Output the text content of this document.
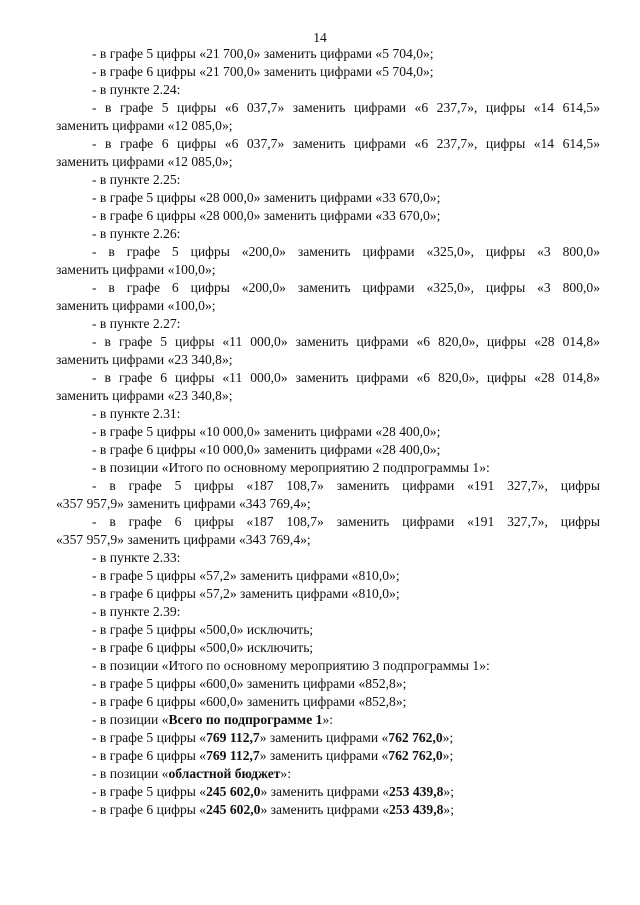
14
- в графе 5 цифры «21 700,0» заменить цифрами «5 704,0»;
- в графе 6 цифры «21 700,0» заменить цифрами «5 704,0»;
- в пункте 2.24:
- в графе 5 цифры «6 037,7» заменить цифрами «6 237,7», цифры «14 614,5»
заменить цифрами «12 085,0»;
- в графе 6 цифры «6 037,7» заменить цифрами «6 237,7», цифры «14 614,5»
заменить цифрами «12 085,0»;
- в пункте 2.25:
- в графе 5 цифры «28 000,0» заменить цифрами «33 670,0»;
- в графе 6 цифры «28 000,0» заменить цифрами «33 670,0»;
- в пункте 2.26:
- в графе 5 цифры «200,0» заменить цифрами «325,0», цифры «3 800,0»
заменить цифрами «100,0»;
- в графе 6 цифры «200,0» заменить цифрами «325,0», цифры «3 800,0»
заменить цифрами «100,0»;
- в пункте 2.27:
- в графе 5 цифры «11 000,0» заменить цифрами «6 820,0», цифры «28 014,8»
заменить цифрами «23 340,8»;
- в графе 6 цифры «11 000,0» заменить цифрами «6 820,0», цифры «28 014,8»
заменить цифрами «23 340,8»;
- в пункте 2.31:
- в графе 5 цифры «10 000,0» заменить цифрами «28 400,0»;
- в графе 6 цифры «10 000,0» заменить цифрами «28 400,0»;
- в позиции «Итого по основному мероприятию 2 подпрограммы 1»:
- в графе 5 цифры «187 108,7» заменить цифрами «191 327,7», цифры
«357 957,9» заменить цифрами «343 769,4»;
- в графе 6 цифры «187 108,7» заменить цифрами «191 327,7», цифры
«357 957,9» заменить цифрами «343 769,4»;
- в пункте 2.33:
- в графе 5 цифры «57,2» заменить цифрами «810,0»;
- в графе 6 цифры «57,2» заменить цифрами «810,0»;
- в пункте 2.39:
- в графе 5 цифры «500,0» исключить;
- в графе 6 цифры «500,0» исключить;
- в позиции «Итого по основному мероприятию 3 подпрограммы 1»:
- в графе 5 цифры «600,0» заменить цифрами «852,8»;
- в графе 6 цифры «600,0» заменить цифрами «852,8»;
- в позиции «Всего по подпрограмме 1»:
- в графе 5 цифры «769 112,7» заменить цифрами «762 762,0»;
- в графе 6 цифры «769 112,7» заменить цифрами «762 762,0»;
- в позиции «областной бюджет»:
- в графе 5 цифры «245 602,0» заменить цифрами «253 439,8»;
- в графе 6 цифры «245 602,0» заменить цифрами «253 439,8»;
